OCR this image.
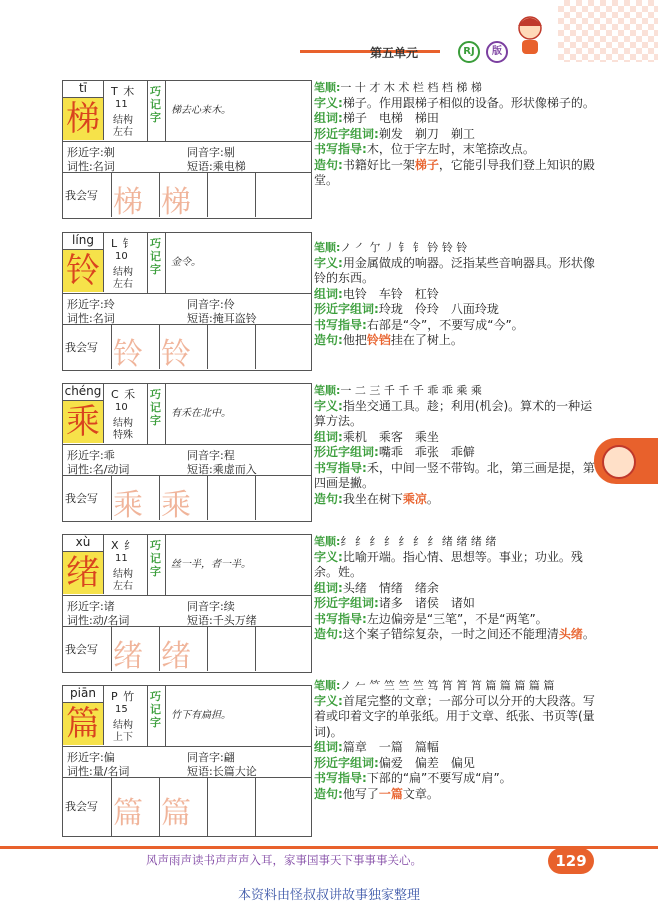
第五单元	RJ	版
tī
梯
T 木
11
结构
左右
巧记字
梯去心来木。
形近字:剃	同音字:剔
词性:名词	短语:乘电梯
我会写 梯 梯
líng
铃
L 钅
10
结构
左右
巧记字
金令。
形近字:玲	同音字:伶
词性:名词	短语:掩耳盗铃
我会写 铃 铃
chéng
乘
C 禾
10
结构
特殊
巧记字
有禾在北中。
形近字:乖	同音字:程
词性:名/动词	短语:乘虚而入
我会写 乘 乘
xù
绪
X 纟
11
结构
左右
巧记字
丝一半，者一半。
形近字:诸	同音字:续
词性:动/名词	短语:千头万绪
我会写 绪 绪
piān
篇
P 竹
15
结构
上下
巧记字
竹下有扁担。
形近字:偏	同音字:翩
词性:量/名词	短语:长篇大论
我会写 篇 篇
笔顺:一 十 才 木 术 栏 档 档 梯 梯
字义:梯子。作用跟梯子相似的设备。形状像梯子的。
组词:梯子　电梯　梯田
形近字组词:剃发　剃刀　剃工
书写指导:木，位于字左时，末笔捺改点。
造句:书籍好比一架梯子，它能引导我们登上知识的殿堂。
笔顺:ノ ㇒ 亇 ㇓ 钅 钅 钤 铃 铃
字义:用金属做成的响器。泛指某些音响器具。形状像铃的东西。
组词:电铃　车铃　杠铃
形近字组词:玲珑　伶玲　八面玲珑
书写指导:右部是“令”，不要写成“今”。
造句:他把铃铛挂在了树上。
笔顺:一 二 三 千 千 千 乖 乖 乘 乘
字义:指坐交通工具。趁；利用(机会)。算术的一种运算方法。
组词:乘机　乘客　乘坐
形近字组词:嘴乖　乖张　乖僻
书写指导:禾，中间一竖不带钩。北，第三画是提，第四画是撇。
造句:我坐在树下乘凉。
笔顺:纟 纟 纟 纟 纟 纟 纟 绪 绪 绪 绪
字义:比喻开端。指心情、思想等。事业；功业。残余。姓。
组词:头绪　情绪　绪余
形近字组词:诸多　诸侯　诸如
书写指导:左边偏旁是“三笔”，不是“两笔”。
造句:这个案子错综复杂，一时之间还不能理清头绪。
笔顺:ノ 𠂉 𥫗 竺 竺 竺 笃 筲 筲 筲 篇 篇 篇 篇 篇
字义:首尾完整的文章；一部分可以分开的大段落。写着或印着文字的单张纸。用于文章、纸张、书页等(量词)。
组词:篇章　一篇　篇幅
形近字组词:偏爱　偏差　偏见
书写指导:下部的“扁”不要写成“肩”。
造句:他写了一篇文章。
风声雨声读书声声声入耳，家事国事天下事事事关心。	129
本资料由怪叔叔讲故事独家整理
